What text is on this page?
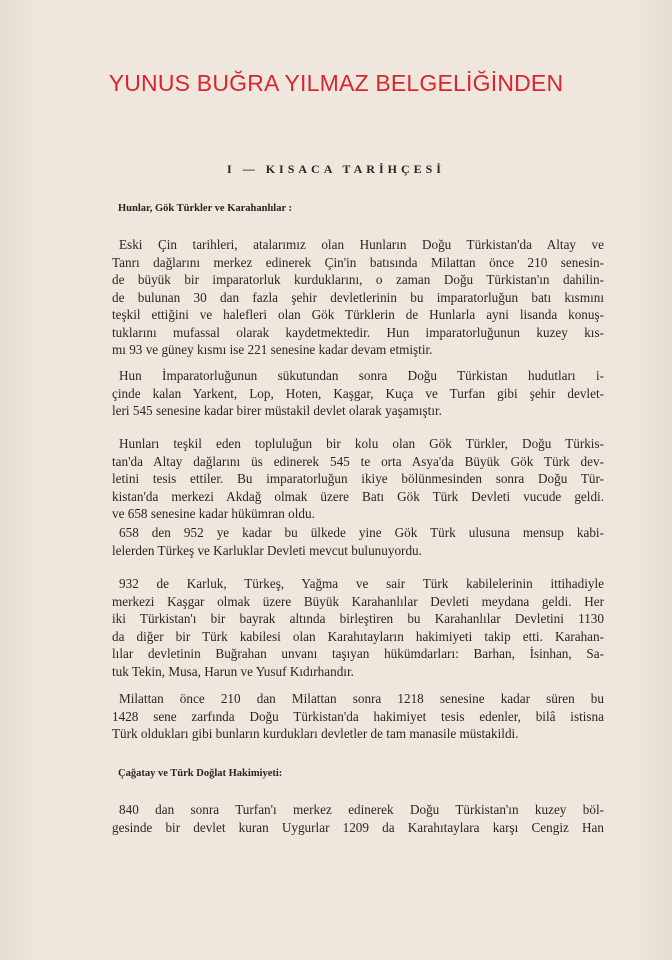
YUNUS BUĞRA YILMAZ BELGELİĞİNDEN
I — KISACA TARİHÇESİ
Hunlar, Gök Türkler ve Karahanlılar :
Eski Çin tarihleri, atalarımız olan Hunların Doğu Türkistan'da Altay ve
Tanrı dağlarını merkez edinerek Çin'in batısında Milattan önce 210 senesin-
de büyük bir imparatorluk kurduklarını, o zaman Doğu Türkistan'ın dahilin-
de bulunan 30 dan fazla şehir devletlerinin bu imparatorluğun batı kısmını
teşkil ettiğini ve halefleri olan Gök Türklerin de Hunlarla ayni lisanda konuş-
tuklarını mufassal olarak kaydetmektedir. Hun imparatorluğunun kuzey kıs-
mı 93 ve güney kısmı ise 221 senesine kadar devam etmiştir.
Hun İmparatorluğunun sükutundan sonra Doğu Türkistan hudutları i-
çinde kalan Yarkent, Lop, Hoten, Kaşgar, Kuça ve Turfan gibi şehir devlet-
leri 545 senesine kadar birer müstakil devlet olarak yaşamıştır.
Hunları teşkil eden topluluğun bir kolu olan Gök Türkler, Doğu Türkis-
tan'da Altay dağlarını üs edinerek 545 te orta Asya'da Büyük Gök Türk dev-
letini tesis ettiler. Bu imparatorluğun ikiye bölünmesinden sonra Doğu Tür-
kistan'da merkezi Akdağ olmak üzere Batı Gök Türk Devleti vucude geldi.
ve 658 senesine kadar hükümran oldu.
658 den 952 ye kadar bu ülkede yine Gök Türk ulusuna mensup kabi-
lelerden Türkeş ve Karluklar Devleti mevcut bulunuyordu.
932 de Karluk, Türkeş, Yağma ve sair Türk kabilelerinin ittihadiyle
merkezi Kaşgar olmak üzere Büyük Karahanlılar Devleti meydana geldi. Her
iki Türkistan'ı bir bayrak altında birleştiren bu Karahanlılar Devletini 1130
da diğer bir Türk kabilesi olan Karahıtayların hakimiyeti takip etti. Karahan-
lılar devletinin Buğrahan unvanı taşıyan hükümdarları: Barhan, İsinhan, Sa-
tuk Tekin, Musa, Harun ve Yusuf Kıdırhandır.
Milattan önce 210 dan Milattan sonra 1218 senesine kadar süren bu
1428 sene zarfında Doğu Türkistan'da hakimiyet tesis edenler, bilâ istisna
Türk oldukları gibi bunların kurdukları devletler de tam manasile müstakildi.
Çağatay ve Türk Doğlat Hakimiyeti:
840 dan sonra Turfan'ı merkez edinerek Doğu Türkistan'ın kuzey böl-
gesinde bir devlet kuran Uygurlar 1209 da Karahıtaylara karşı Cengiz Han
